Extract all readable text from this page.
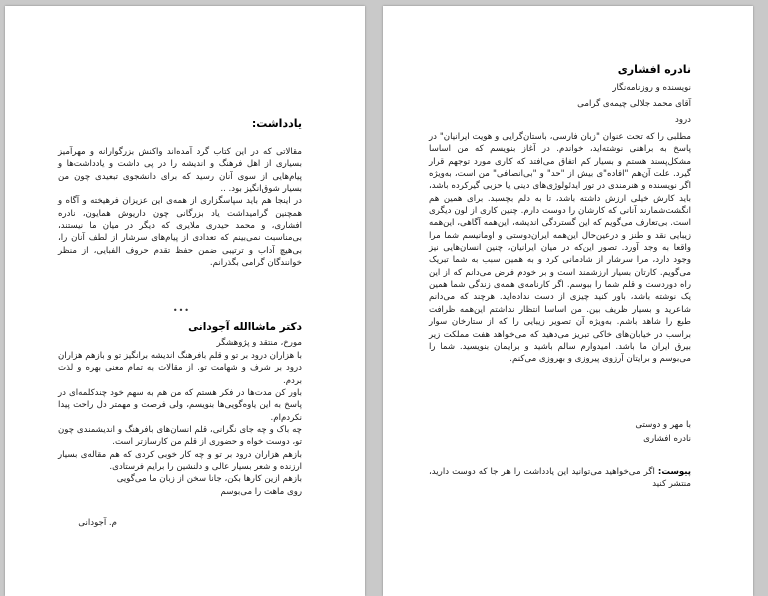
یادداشت:

مقالاتی که در این کتاب گرد آمده‌اند واکنش بزرگوارانه و مهرآمیز بسیاری از اهل فرهنگ و اندیشه را در پی داشت و یادداشت‌ها و پیام‌هایی از سوی آنان رسید که برای دانشجوی تبعیدی چون من بسیار شوق‌انگیز بود. ..

در اینجا هم باید سپاسگزاری از همه‌ی این عزیزان فرهیخته و آگاه و همچنین گرامیداشت یاد بزرگانی چون داریوش همایون، نادره افشاری، و محمد حیدری ملایری که دیگر در میان ما نیستند، بی‌مناسبت نمی‌بینم که تعدادی از پیام‌های سرشار از لطف آنان را، بی‌هیچ آداب و ترتیبی ضمن حفظ تقدم حروف الفبایی، از منظر خوانندگان گرامی بگذرانم.

•••
دکتر ماشاالله آجودانی
مورخ، منتقد و پژوهشگر

با هزاران درود بر تو و قلم بافرهنگ اندیشه برانگیز تو و بازهم هزاران درود بر شرف و شهامت تو. از مقالات به تمام معنی بهره و لذت بردم.

باور کن مدت‌ها در فکر هستم که من هم به سهم خود چندکلمه‌ای در پاسخ به این یاوه‌گویی‌ها بنویسم، ولی فرصت و مهمتر دل راحت پیدا نکردم‌ام.

چه باک و چه جای نگرانی، قلم انسان‌های بافرهنگ و اندیشمندی چون تو، دوست خواه و حضوری از قلم من کارسازتر است.

بازهم هزاران درود بر تو و چه کار خوبی کردی که هم مقاله‌ی بسیار ارزنده و شعر بسیار عالی و دلنشین را برایم فرستادی.

بازهم ازین کارها بکن، جانا سخن از زبان ما می‌گویی

روی ماهت را می‌بوسم

م. آجودانی
نادره افشاری
نویسنده و روزنامه‌نگار
آقای محمد جلالی چیمه‌ی گرامی
درود
مطلبی را که تحت عنوان "زبان فارسی، باستان‌گرایی و هویت ایرانیان" در پاسخ به براهنی نوشته‌اید، خواندم. در آغاز بنویسم که من اساسا مشکل‌پسند هستم و بسیار کم اتفاق می‌افتد که کاری مورد توجهم قرار گیرد. علت آن‌هم "افاده"ی بیش از "حد" و "بی‌انصافی" من است، به‌ویژه اگر نویسنده و هنرمندی در تور ایدئولوژی‌های دینی یا حزبی گیرکرده باشد، باید کارش خیلی ارزش داشته باشد، تا به دلم بچسبد. برای همین هم انگشت‌شمارند آنانی که کارشان را دوست دارم. چنین کاری از لون دیگری است. بی‌تعارف می‌گویم که این گستردگی اندیشه، این‌همه آگاهی، این‌همه زیبایی نقد و طنز و درعین‌حال این‌همه ایران‌دوستی و اومانیسم شما مرا واقعا به وجد آورد. تصور این‌که در میان ایرانیان، چنین انسان‌هایی نیز وجود دارد، مرا سرشار از شادمانی کرد و به همین سبب به شما تبریک می‌گویم. کارتان بسیار ارزشمند است و بر خودم فرض می‌دانم که از این راه دوردست و قلم شما را ببوسم. اگر کارنامه‌ی همه‌ی زندگی شما همین یک نوشته باشد، باور کنید چیزی از دست نداده‌اید. هرچند که می‌دانم شاعرید و بسیار ظریف بین. من اساسا انتظار نداشتم این‌همه ظرافت طبع را شاهد باشم. به‌ویژه آن تصویر زیبایی را که از ستارخان سوار براسب در خیابان‌های خاکی تبریز می‌دهید که می‌خواهد هفت مملکت زیر بیرق ایران ما باشد. امیدوارم سالم باشید و برایمان بنویسید. شما را می‌بوسم و برایتان آرزوی پیروزی و بهروزی می‌کنم.
با مهر و دوستی
نادره افشاری
پیوست: اگر می‌خواهید می‌توانید این یادداشت را هر جا که دوست دارید، منتشر کنید
